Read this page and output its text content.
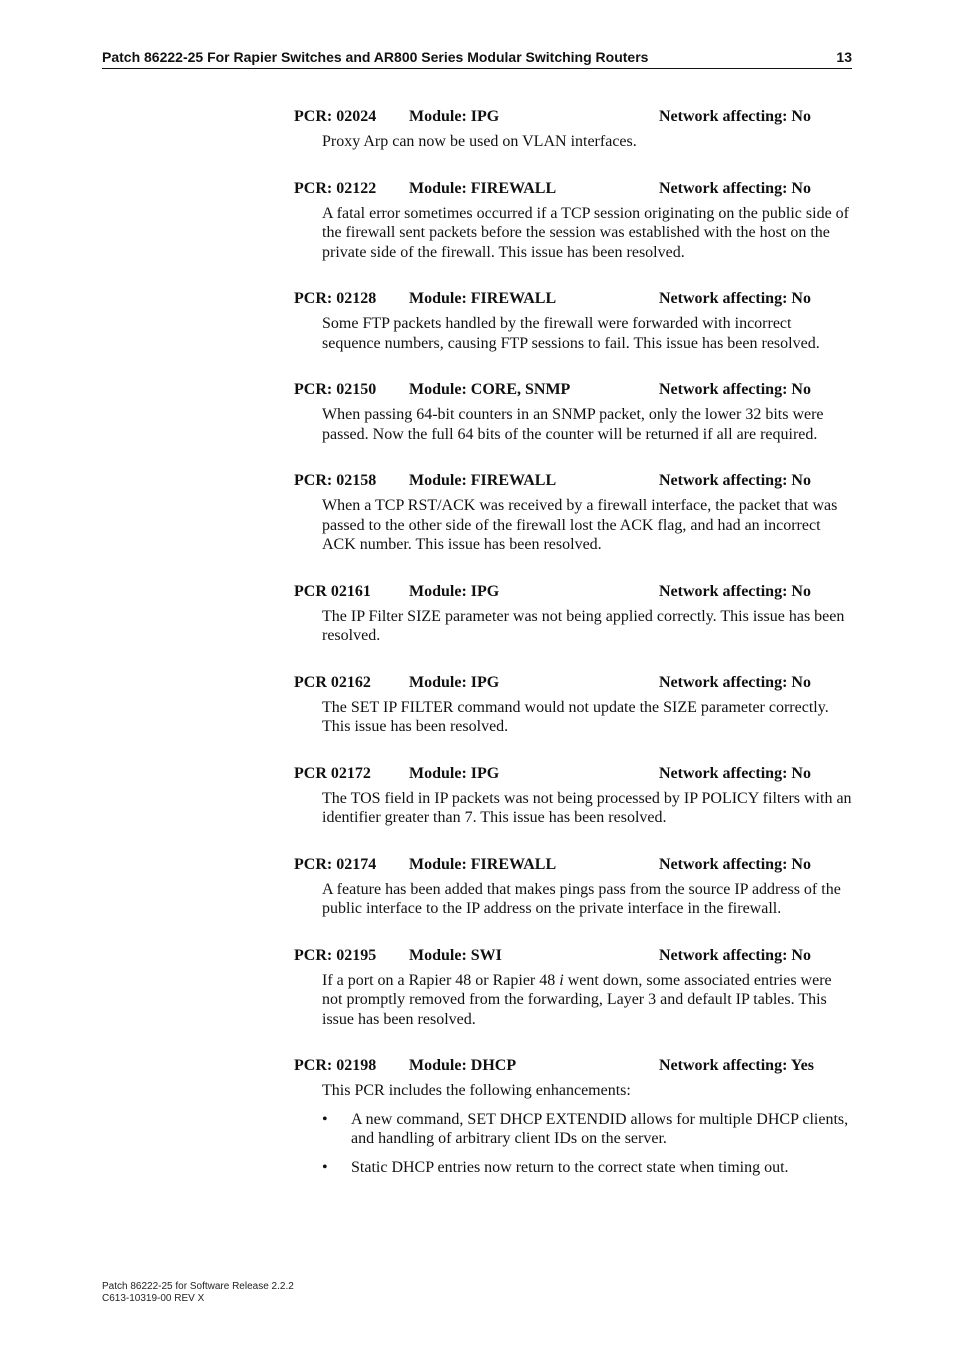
Patch 86222-25 For Rapier Switches and AR800 Series Modular Switching Routers	13
PCR: 02024 Module: IPG	Network affecting: No

Proxy Arp can now be used on VLAN interfaces.

PCR: 02122 Module: FIREWALL	Network affecting: No

A fatal error sometimes occurred if a TCP session originating on the public side of the firewall sent packets before the session was established with the host on the private side of the firewall. This issue has been resolved.

PCR: 02128 Module: FIREWALL	Network affecting: No

Some FTP packets handled by the firewall were forwarded with incorrect sequence numbers, causing FTP sessions to fail. This issue has been resolved.

PCR: 02150 Module: CORE, SNMP	Network affecting: No

When passing 64-bit counters in an SNMP packet, only the lower 32 bits were passed. Now the full 64 bits of the counter will be returned if all are required.

PCR: 02158 Module: FIREWALL	Network affecting: No

When a TCP RST/ACK was received by a firewall interface, the packet that was passed to the other side of the firewall lost the ACK flag, and had an incorrect ACK number. This issue has been resolved.

PCR 02161 Module: IPG	Network affecting: No

The IP Filter SIZE parameter was not being applied correctly. This issue has been resolved.

PCR 02162 Module: IPG	Network affecting: No

The SET IP FILTER command would not update the SIZE parameter correctly. This issue has been resolved.

PCR 02172 Module: IPG	Network affecting: No

The TOS field in IP packets was not being processed by IP POLICY filters with an identifier greater than 7. This issue has been resolved.

PCR: 02174 Module: FIREWALL	Network affecting: No

A feature has been added that makes pings pass from the source IP address of the public interface to the IP address on the private interface in the firewall.

PCR: 02195 Module: SWI	Network affecting: No

If a port on a Rapier 48 or Rapier 48 i went down, some associated entries were not promptly removed from the forwarding, Layer 3 and default IP tables. This issue has been resolved.

PCR: 02198 Module: DHCP	Network affecting: Yes

This PCR includes the following enhancements:

• A new command, SET DHCP EXTENDID allows for multiple DHCP clients, and handling of arbitrary client IDs on the server.
• Static DHCP entries now return to the correct state when timing out.
Patch 86222-25 for Software Release 2.2.2
C613-10319-00 REV X
